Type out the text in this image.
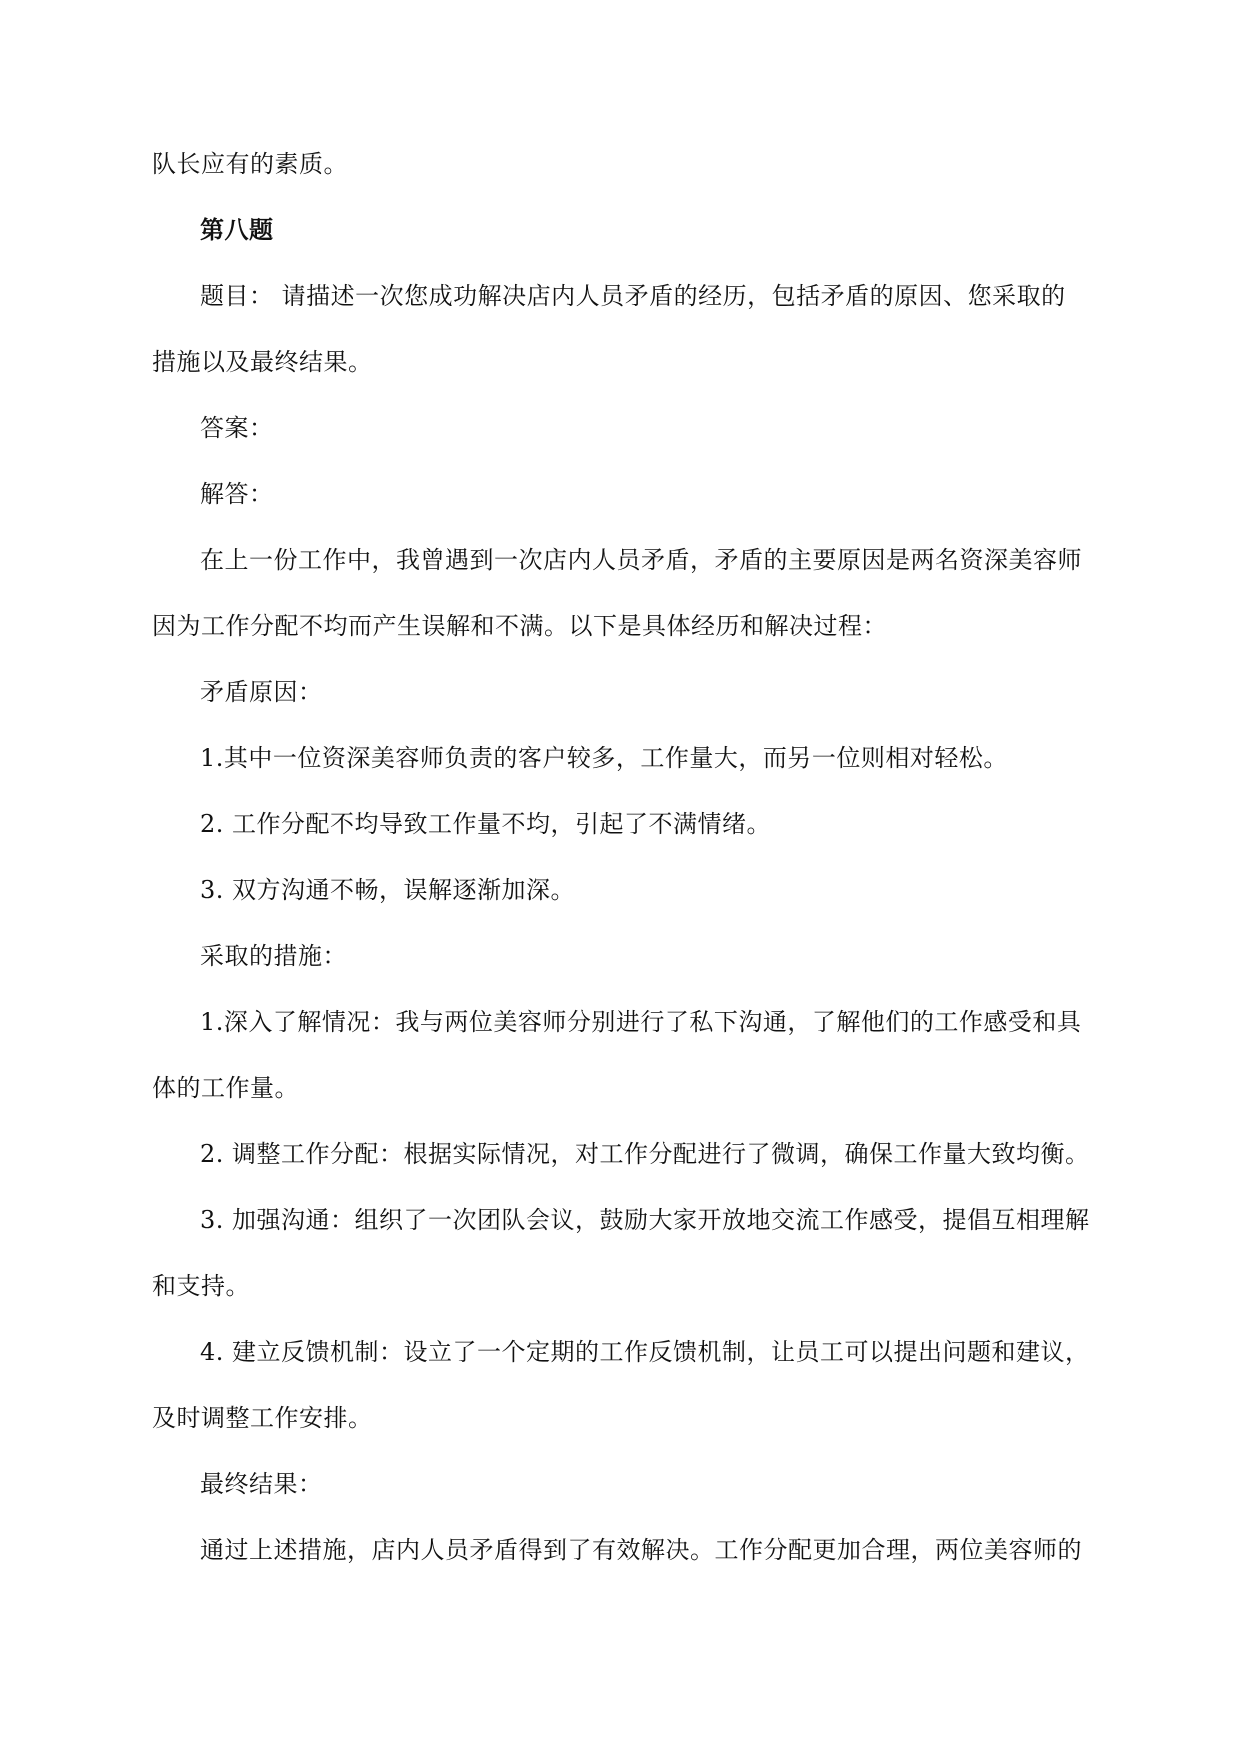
队长应有的素质。
第八题
题目： 请描述一次您成功解决店内人员矛盾的经历，包括矛盾的原因、您采取的
措施以及最终结果。
答案：
解答：
在上一份工作中，我曾遇到一次店内人员矛盾，矛盾的主要原因是两名资深美容师
因为工作分配不均而产生误解和不满。以下是具体经历和解决过程：
矛盾原因：
1.其中一位资深美容师负责的客户较多，工作量大，而另一位则相对轻松。
2. 工作分配不均导致工作量不均，引起了不满情绪。
3. 双方沟通不畅，误解逐渐加深。
采取的措施：
1.深入了解情况：我与两位美容师分别进行了私下沟通，了解他们的工作感受和具
体的工作量。
2. 调整工作分配：根据实际情况，对工作分配进行了微调，确保工作量大致均衡。
3. 加强沟通：组织了一次团队会议，鼓励大家开放地交流工作感受，提倡互相理解
和支持。
4. 建立反馈机制：设立了一个定期的工作反馈机制，让员工可以提出问题和建议，
及时调整工作安排。
最终结果：
通过上述措施，店内人员矛盾得到了有效解决。工作分配更加合理，两位美容师的
